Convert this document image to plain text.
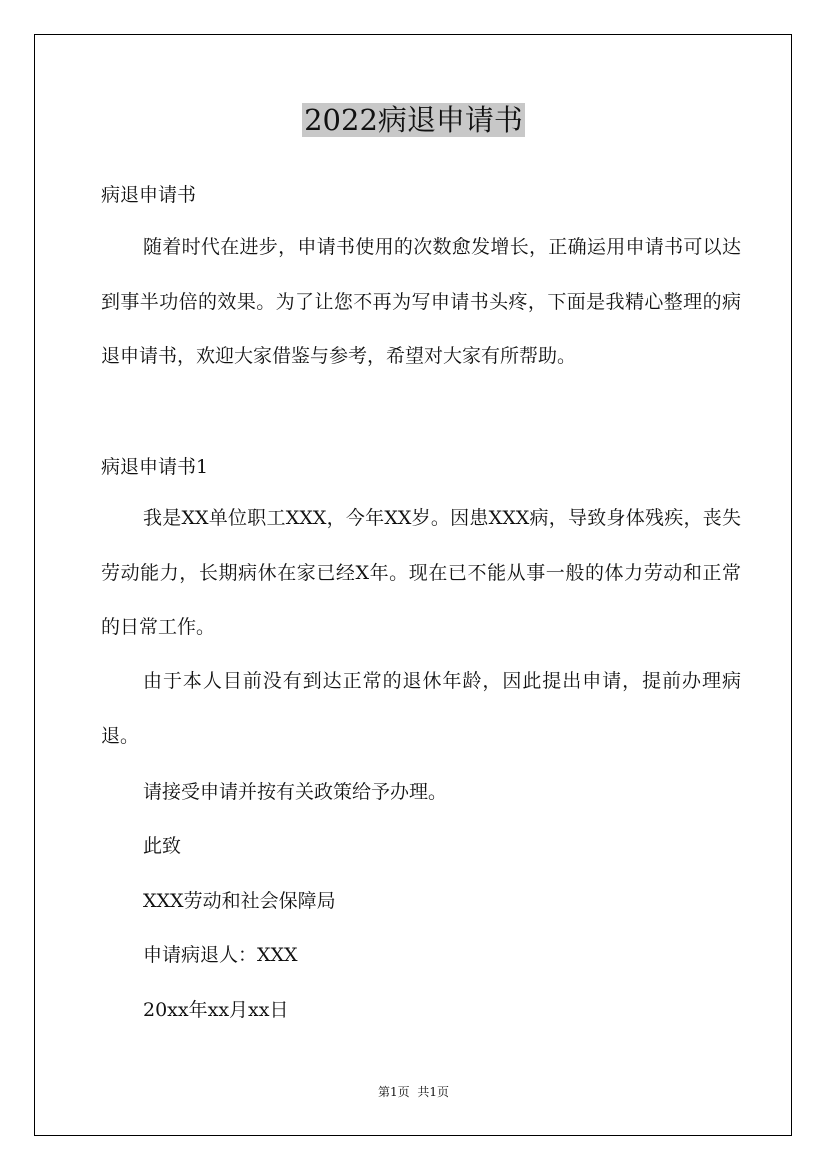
2022病退申请书
病退申请书
随着时代在进步，申请书使用的次数愈发增长，正确运用申请书可以达到事半功倍的效果。为了让您不再为写申请书头疼，下面是我精心整理的病退申请书，欢迎大家借鉴与参考，希望对大家有所帮助。
病退申请书1
我是XX单位职工XXX，今年XX岁。因患XXX病，导致身体残疾，丧失劳动能力，长期病休在家已经X年。现在已不能从事一般的体力劳动和正常的日常工作。
由于本人目前没有到达正常的退休年龄，因此提出申请，提前办理病退。
请接受申请并按有关政策给予办理。
此致
XXX劳动和社会保障局
申请病退人：XXX
20xx年xx月xx日
第1页 共1页
